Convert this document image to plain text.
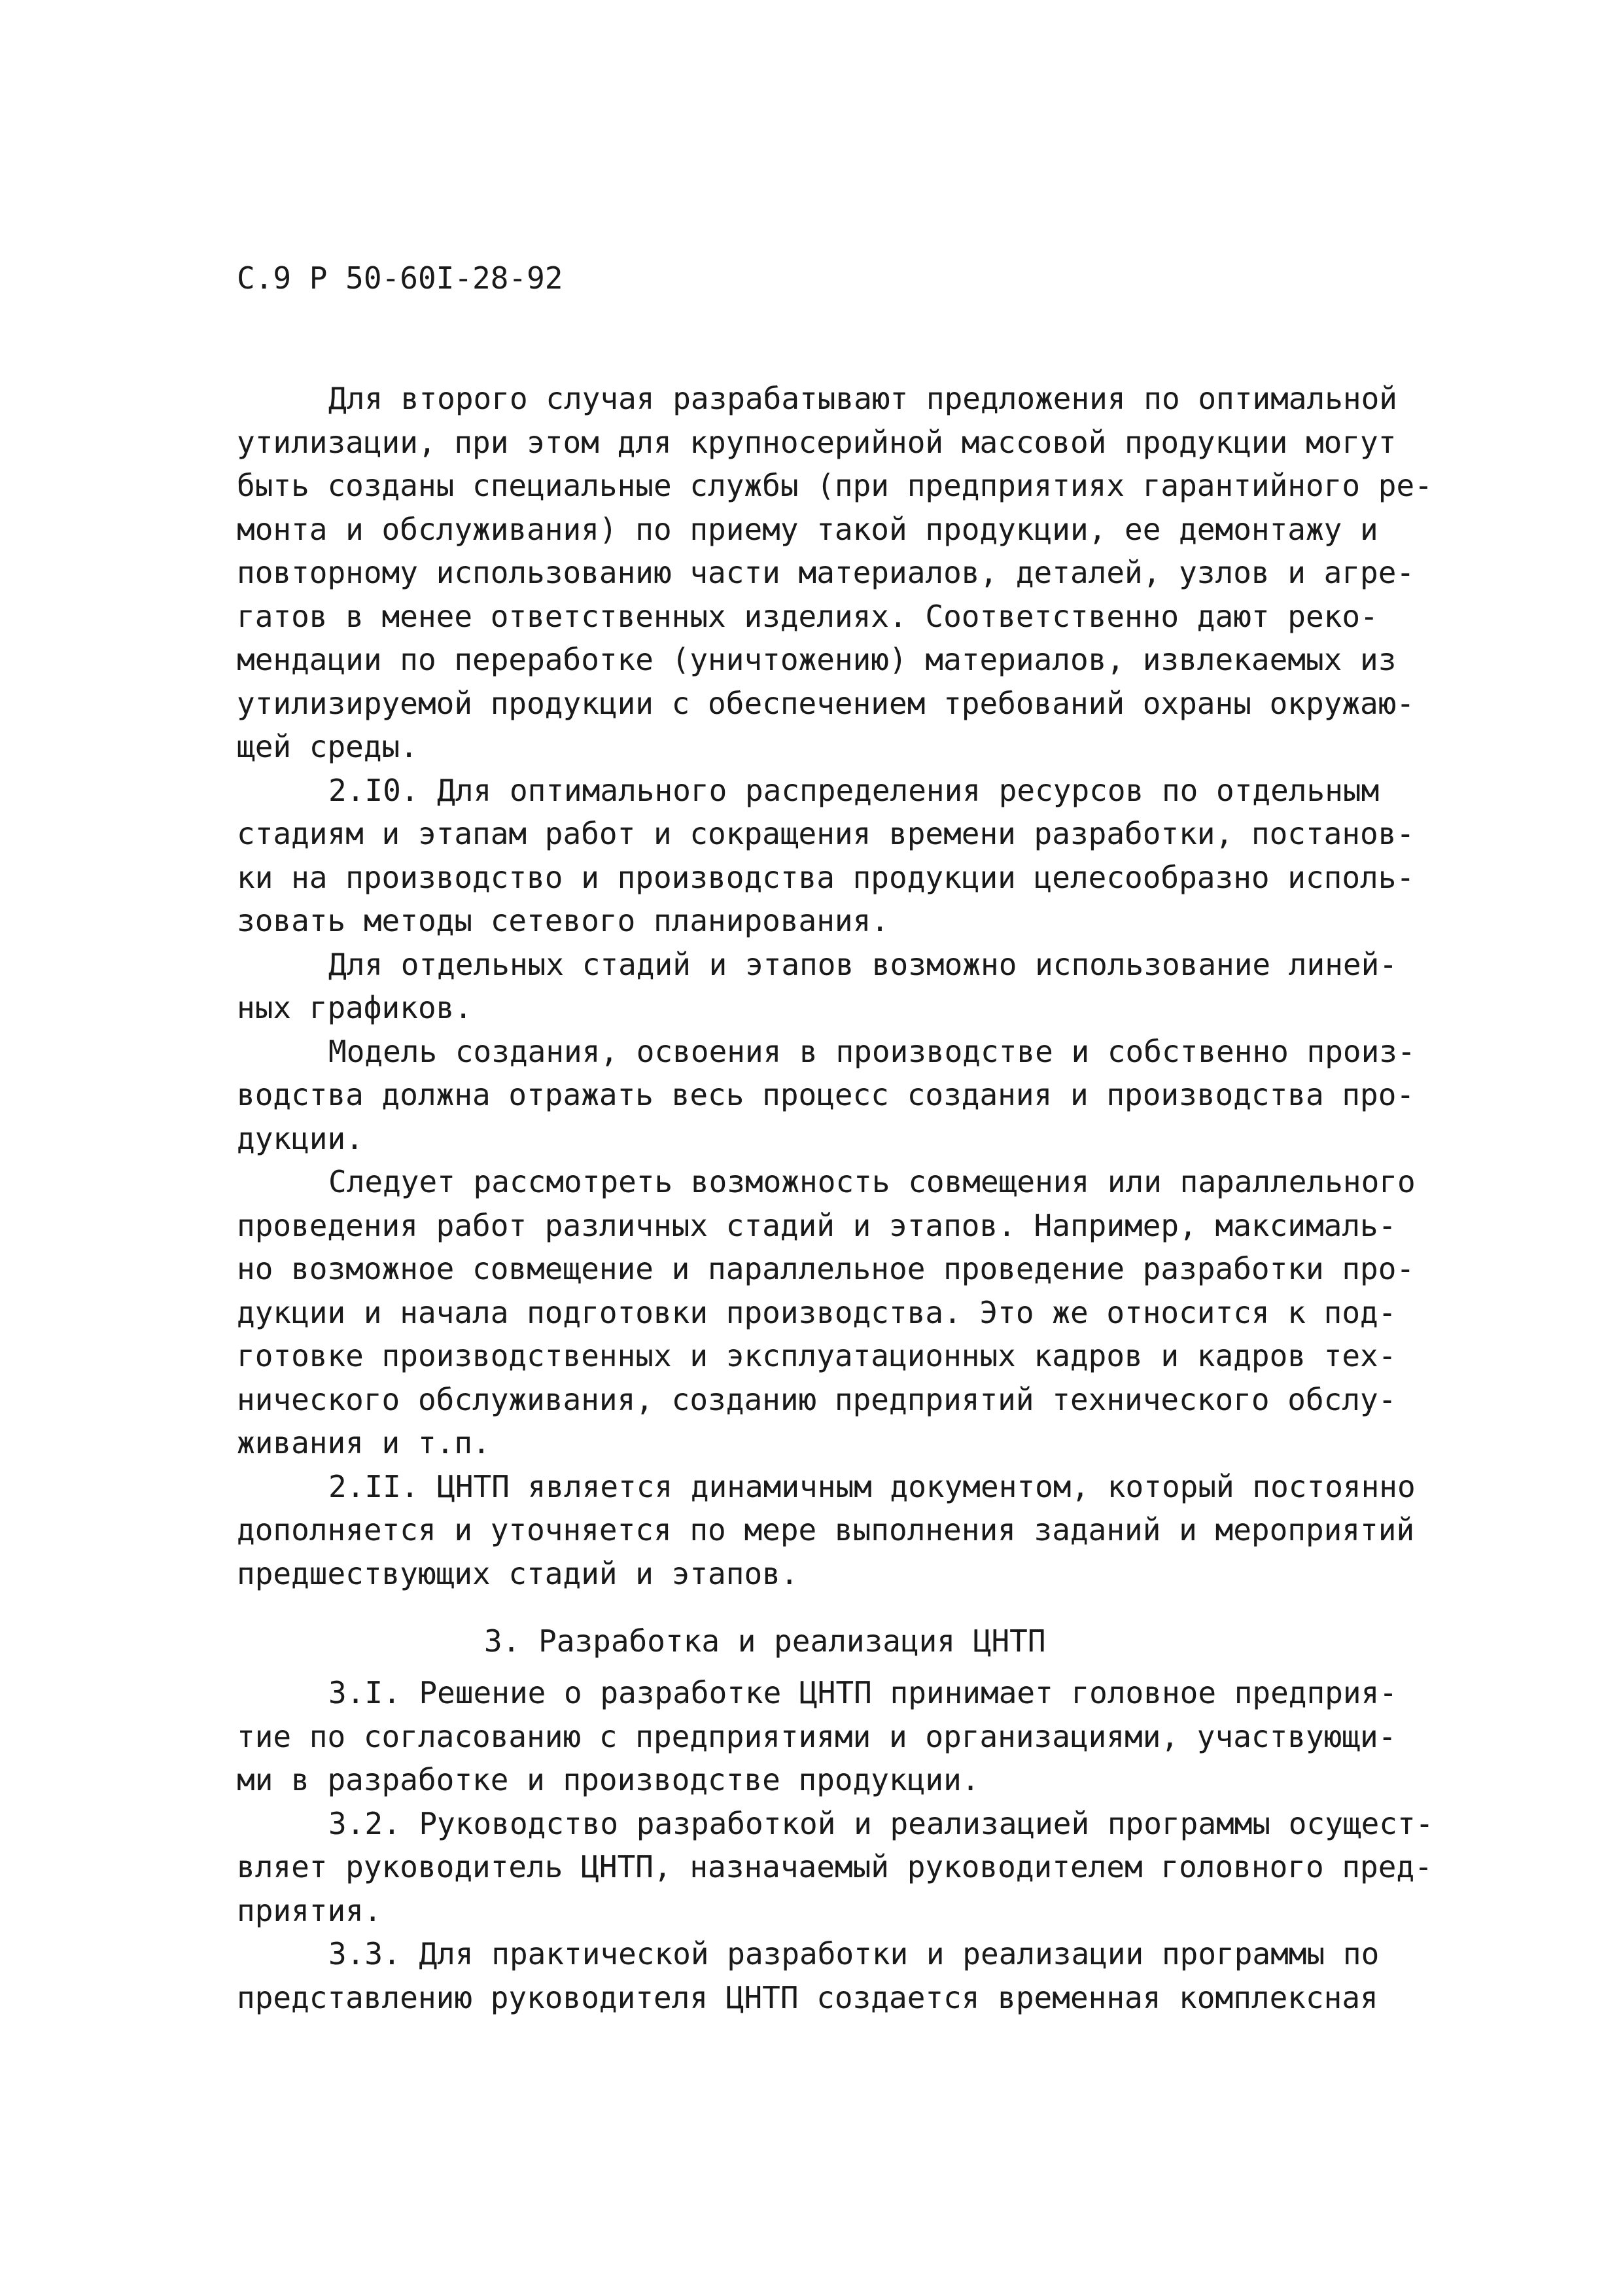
С.9 Р 50-60I-28-92
Для второго случая разрабатывают предложения по оптимальной
утилизации, при этом для крупносерийной массовой продукции могут
быть созданы специальные службы (при предприятиях гарантийного ре-
монта и обслуживания) по приему такой продукции, ее демонтажу и
повторному использованию части материалов, деталей, узлов и агре-
гатов в менее ответственных изделиях. Соответственно дают реко-
мендации по переработке (уничтожению) материалов, извлекаемых из
утилизируемой продукции с обеспечением требований охраны окружаю-
щей среды.
2.I0. Для оптимального распределения ресурсов по отдельным
стадиям и этапам работ и сокращения времени разработки, постанов-
ки на производство и производства продукции целесообразно исполь-
зовать методы сетевого планирования.
Для отдельных стадий и этапов возможно использование линей-
ных графиков.
Модель создания, освоения в производстве и собственно произ-
водства должна отражать весь процесс создания и производства про-
дукции.
Следует рассмотреть возможность совмещения или параллельного
проведения работ различных стадий и этапов. Например, максималь-
но возможное совмещение и параллельное проведение разработки про-
дукции и начала подготовки производства. Это же относится к под-
готовке производственных и эксплуатационных кадров и кадров тех-
нического обслуживания, созданию предприятий технического обслу-
живания и т.п.
2.II. ЦНТП является динамичным документом, который постоянно
дополняется и уточняется по мере выполнения заданий и мероприятий
предшествующих стадий и этапов.
3. Разработка и реализация ЦНТП
3.I. Решение о разработке ЦНТП принимает головное предприя-
тие по согласованию с предприятиями и организациями, участвующи-
ми в разработке и производстве продукции.
3.2. Руководство разработкой и реализацией программы осущест-
вляет руководитель ЦНТП, назначаемый руководителем головного пред-
приятия.
3.3. Для практической разработки и реализации программы по
представлению руководителя ЦНТП создается временная комплексная
